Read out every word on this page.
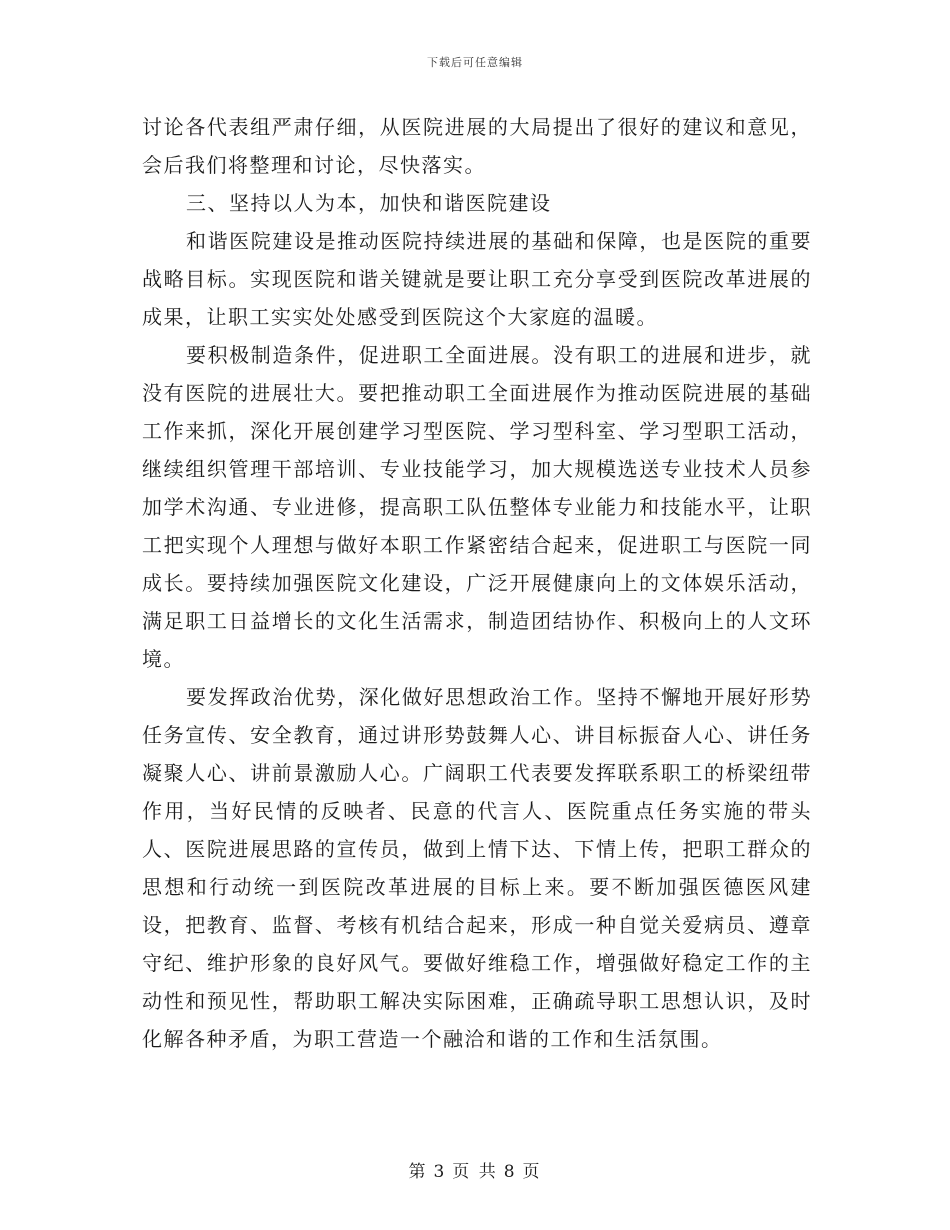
下载后可任意编辑

讨论各代表组严肃仔细，从医院进展的大局提出了很好的建议和意见，会后我们将整理和讨论，尽快落实。

三、坚持以人为本，加快和谐医院建设

和谐医院建设是推动医院持续进展的基础和保障，也是医院的重要战略目标。实现医院和谐关键就是要让职工充分享受到医院改革进展的成果，让职工实实处处感受到医院这个大家庭的温暖。

要积极制造条件，促进职工全面进展。没有职工的进展和进步，就没有医院的进展壮大。要把推动职工全面进展作为推动医院进展的基础工作来抓，深化开展创建学习型医院、学习型科室、学习型职工活动，继续组织管理干部培训、专业技能学习，加大规模选送专业技术人员参加学术沟通、专业进修，提高职工队伍整体专业能力和技能水平，让职工把实现个人理想与做好本职工作紧密结合起来，促进职工与医院一同成长。要持续加强医院文化建设，广泛开展健康向上的文体娱乐活动，满足职工日益增长的文化生活需求，制造团结协作、积极向上的人文环境。

要发挥政治优势，深化做好思想政治工作。坚持不懈地开展好形势任务宣传、安全教育，通过讲形势鼓舞人心、讲目标振奋人心、讲任务凝聚人心、讲前景激励人心。广阔职工代表要发挥联系职工的桥梁纽带作用，当好民情的反映者、民意的代言人、医院重点任务实施的带头人、医院进展思路的宣传员，做到上情下达、下情上传，把职工群众的思想和行动统一到医院改革进展的目标上来。要不断加强医德医风建设，把教育、监督、考核有机结合起来，形成一种自觉关爱病员、遵章守纪、维护形象的良好风气。要做好维稳工作，增强做好稳定工作的主动性和预见性，帮助职工解决实际困难，正确疏导职工思想认识，及时化解各种矛盾，为职工营造一个融洽和谐的工作和生活氛围。

第 3 页 共 8 页
